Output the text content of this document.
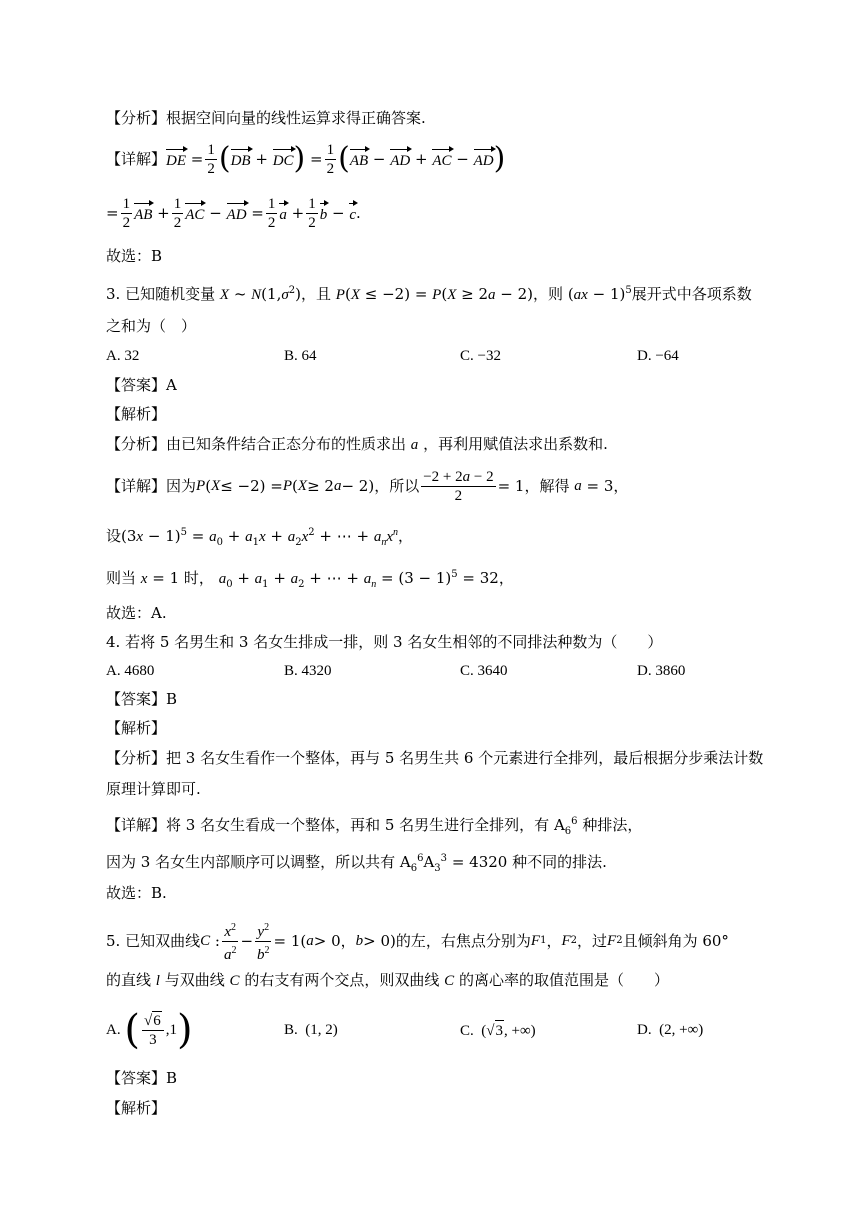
【分析】根据空间向量的线性运算求得正确答案.
【详解】 DE = $\frac{1}{2}$ ( DB + DC ) = $\frac{1}{2}$ ( AB − AD + AC − AD )
= $\frac{1}{2}$ AB + $\frac{1}{2}$ AC − AD = $\frac{1}{2}$ $a + \frac{1}{2}$ b − c .
故选：B
3. 已知随机变量 X ~ $N(1,\sigma^2)$，且 P(X ≤ −2) = P(X ≥ 2a − 2)，则 (ax − 1)$^5$展开式中各项系数
之和为（　）
A. 32	B. 64	C. −32	D. −64
【答案】A
【解析】
【分析】由已知条件结合正态分布的性质求出 a ，再利用赋值法求出系数和.
【详解】因为 P ( X ≤ −2) = P ( X ≥ 2 a − 2) ，所以 $\frac{-2 + 2a - 2}{2} = 1$ ，解得
a = 3，
设$(3x - 1)^5 = a_0 + a_1x + a_2x^2$ + ⋯ + $a_nx^n$，
则当 x = 1 时， $a_0 + a_1 + a_2$ + ⋯ + $a_n = (3 - 1)^5 = 32$，
故选：A.
4. 若将 5 名男生和 3 名女生排成一排，则 3 名女生相邻的不同排法种数为（　　）
A. 4680	B. 4320	C. 3640	D. 3860
【答案】B
【解析】
【分析】把 3 名女生看作一个整体，再与 5 名男生共 6 个元素进行全排列，最后根据分步乘法计数
原理计算即可.
【详解】将 3 名女生看成一个整体，再和 5 名男生进行全排列，有 $A_6^6$ 种排法，
因为 3 名女生内部顺序可以调整，所以共有 $A_6^6A_3^3 = 4320$ 种不同的排法.
故选：B.
5. 已知双曲线 C : $\frac{x^2}{a^2} - \frac{y^2}{b^2} = 1$( a > 0， b > 0) 的左，右焦点分别为 F 1 ， F 2 ，过 F 2 且倾斜角为 60°
的直线 l 与双曲线 C 的右支有两个交点，则双曲线 C 的离心率的取值范围是（　　）
A.
( $\frac{√6}{3} ,1$ )	B.  (1, 2)	C.  (√3, +∞)	D.  (2, +∞)
【答案】B
【解析】
